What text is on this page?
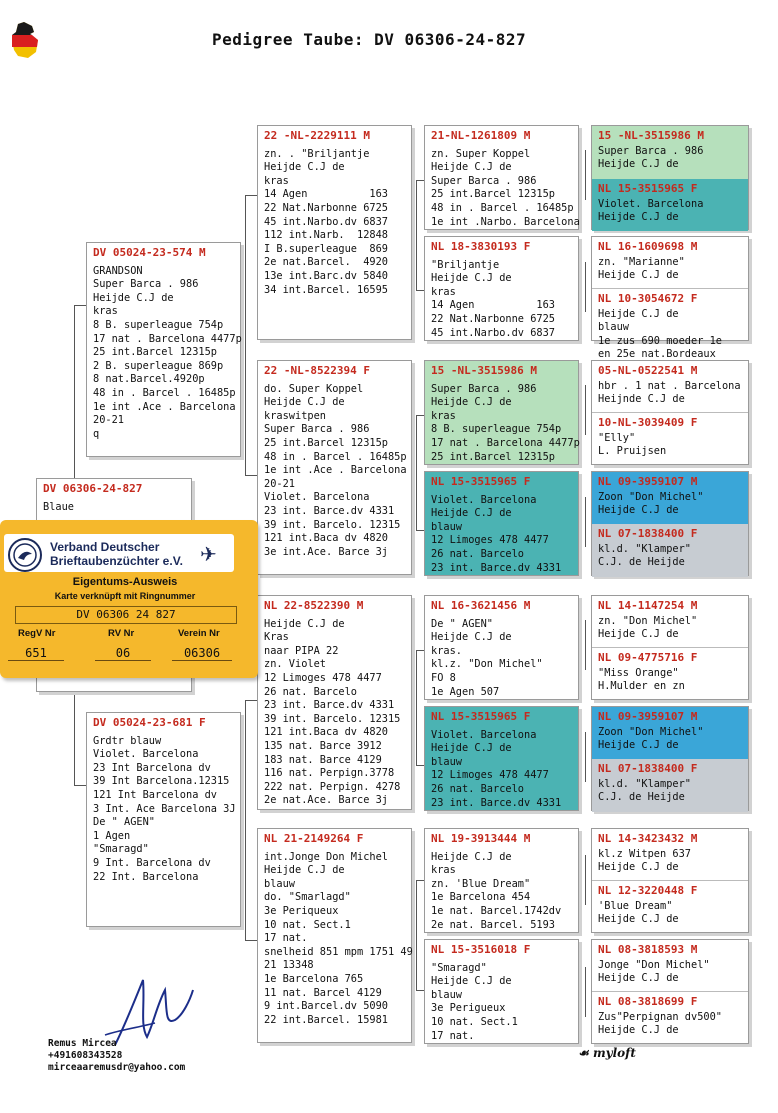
Pedigree Taube: DV 06306-24-827
DV 06306-24-827
Blaue
DV 05024-23-574 M
GRANDSON
Super Barca . 986
Heijde C.J de
kras
8 B. superleague 754p
17 nat . Barcelona 4477p
25 int.Barcel 12315p
2 B. superleague 869p
8 nat.Barcel.4920p
48 in . Barcel . 16485p
1e int .Ace . Barcelona
20-21
q
DV 05024-23-681 F
Grdtr blauw
Violet. Barcelona
23 Int Barcelona dv
39 Int Barcelona.12315
121 Int Barcelona dv
3 Int. Ace Barcelona 3J
De " AGEN"
1 Agen
"Smaragd"
9 Int. Barcelona dv
22 Int. Barcelona
22 -NL-2229111 M
zn. . "Briljantje
Heijde C.J de
kras
14 Agen          163
22 Nat.Narbonne 6725
45 int.Narbo.dv 6837
112 int.Narb.  12848
I B.superleague  869
2e nat.Barcel.  4920
13e int.Barc.dv 5840
34 int.Barcel. 16595
22 -NL-8522394 F
do. Super Koppel
Heijde C.J de
kraswitpen
Super Barca . 986
25 int.Barcel 12315p
48 in . Barcel . 16485p
1e int .Ace . Barcelona
20-21
Violet. Barcelona
23 int. Barce.dv 4331
39 int. Barcelo. 12315
121 int.Baca dv 4820
3e int.Ace. Barce 3j
NL 22-8522390 M
Heijde C.J de
Kras
naar PIPA 22
zn. Violet
12 Limoges 478 4477
26 nat. Barcelo
23 int. Barce.dv 4331
39 int. Barcelo. 12315
121 int.Baca dv 4820
135 nat. Barce 3912
183 nat. Barce 4129
116 nat. Perpign.3778
222 nat. Perpign. 4278
2e nat.Ace. Barce 3j
NL 21-2149264 F
int.Jonge Don Michel
Heijde C.J de
blauw
do. "Smarlagd"
3e Periqueux
10 nat. Sect.1
17 nat.
snelheid 851 mpm 1751 49
21 13348
1e Barcelona 765
11 nat. Barcel 4129
9 int.Barcel.dv 5090
22 int.Barcel. 15981
21-NL-1261809 M
zn. Super Koppel
Heijde C.J de
Super Barca . 986
25 int.Barcel 12315p
48 in . Barcel . 16485p
1e int .Narbo. Barcelona
NL 18-3830193 F
"Briljantje
Heijde C.J de
kras
14 Agen          163
22 Nat.Narbonne 6725
45 int.Narbo.dv 6837
15 -NL-3515986 M
Super Barca . 986
Heijde C.J de
kras
8 B. superleague 754p
17 nat . Barcelona 4477p
25 int.Barcel 12315p
NL 15-3515965 F
Violet. Barcelona
Heijde C.J de
blauw
12 Limoges 478 4477
26 nat. Barcelo
23 int. Barce.dv 4331
NL 16-3621456 M
De " AGEN"
Heijde C.J de
kras.
kl.z. "Don Michel"
FO 8
1e Agen 507
NL 15-3515965 F
Violet. Barcelona
Heijde C.J de
blauw
12 Limoges 478 4477
26 nat. Barcelo
23 int. Barce.dv 4331
NL 19-3913444 M
Heijde C.J de
kras
zn. 'Blue Dream"
1e Barcelona 454
1e nat. Barcel.1742dv
2e nat. Barcel. 5193
NL 15-3516018 F
"Smaragd"
Heijde C.J de
blauw
3e Perigueux
10 nat. Sect.1
17 nat.
15 -NL-3515986 M
Super Barca . 986
Heijde C.J de
NL 15-3515965 F
Violet. Barcelona
Heijde C.J de
NL 16-1609698 M
zn. "Marianne"
Heijde C.J de
NL 10-3054672 F
Heijde C.J de
blauw
1e zus 690 moeder 1e
en 25e nat.Bordeaux
05-NL-0522541 M
hbr . 1 nat . Barcelona
Heijnde C.J de
10-NL-3039409 F
"Elly"
L. Pruijsen
NL 09-3959107 M
Zoon "Don Michel"
Heijde C.J de
NL 07-1838400 F
kl.d. "Klamper"
C.J. de Heijde
NL 14-1147254 M
zn. "Don Michel"
Heijde C.J de
NL 09-4775716 F
"Miss Orange"
H.Mulder en zn
NL 09-3959107 M
Zoon "Don Michel"
Heijde C.J de
NL 07-1838400 F
kl.d. "Klamper"
C.J. de Heijde
NL 14-3423432 M
kl.z Witpen 637
Heijde C.J de
NL 12-3220448 F
'Blue Dream"
Heijde C.J de
NL 08-3818593 M
Jonge "Don Michel"
Heijde C.J de
NL 08-3818699 F
Zus"Perpignan dv500"
Heijde C.J de
Verband Deutscher
Brieftaubenzüchter e.V. ✈
Eigentums-Ausweis
Karte verknüpft mit Ringnummer
DV 06306 24 827
RegV Nr	RV Nr	Verein Nr
651	06	06306
Remus Mircea
+491608343528
mirceaaremusdr@yahoo.com
☙ myloft
